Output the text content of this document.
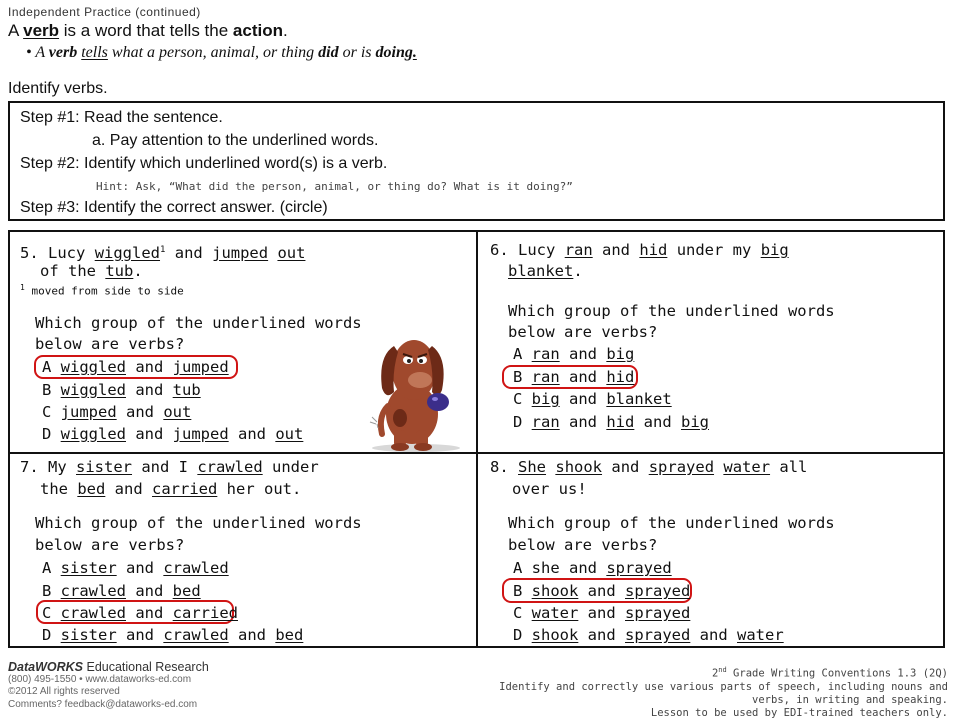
Independent Practice (continued)
A verb is a word that tells the action.
• A verb tells what a person, animal, or thing did or is doing.
Identify verbs.
Step #1: Read the sentence.
a. Pay attention to the underlined words.
Step #2: Identify which underlined word(s) is a verb.
Hint: Ask, “What did the person, animal, or thing do? What is it doing?”
Step #3: Identify the correct answer. (circle)
5. Lucy wiggled$^1$ and jumped out
of the tub.
$^1$ moved from side to side
Which group of the underlined words
below are verbs?
A wiggled and jumped
B wiggled and tub
C jumped and out
D wiggled and jumped and out
6. Lucy ran and hid under my big
blanket.
Which group of the underlined words
below are verbs?
A ran and big
B ran and hid
C big and blanket
D ran and hid and big
7. My sister and I crawled under
the bed and carried her out.
Which group of the underlined words
below are verbs?
A sister and crawled
B crawled and bed
C crawled and carried
D sister and crawled and bed
8. She shook and sprayed water all
over us!
Which group of the underlined words
below are verbs?
A she and sprayed
B shook and sprayed
C water and sprayed
D shook and sprayed and water
DataWORKS Educational Research
(800) 495-1550 • www.dataworks-ed.com
©2012 All rights reserved
Comments? feedback@dataworks-ed.com
2nd Grade Writing Conventions 1.3 (2Q)
Identify and correctly use various parts of speech, including nouns and
verbs, in writing and speaking.
Lesson to be used by EDI-trained teachers only.
